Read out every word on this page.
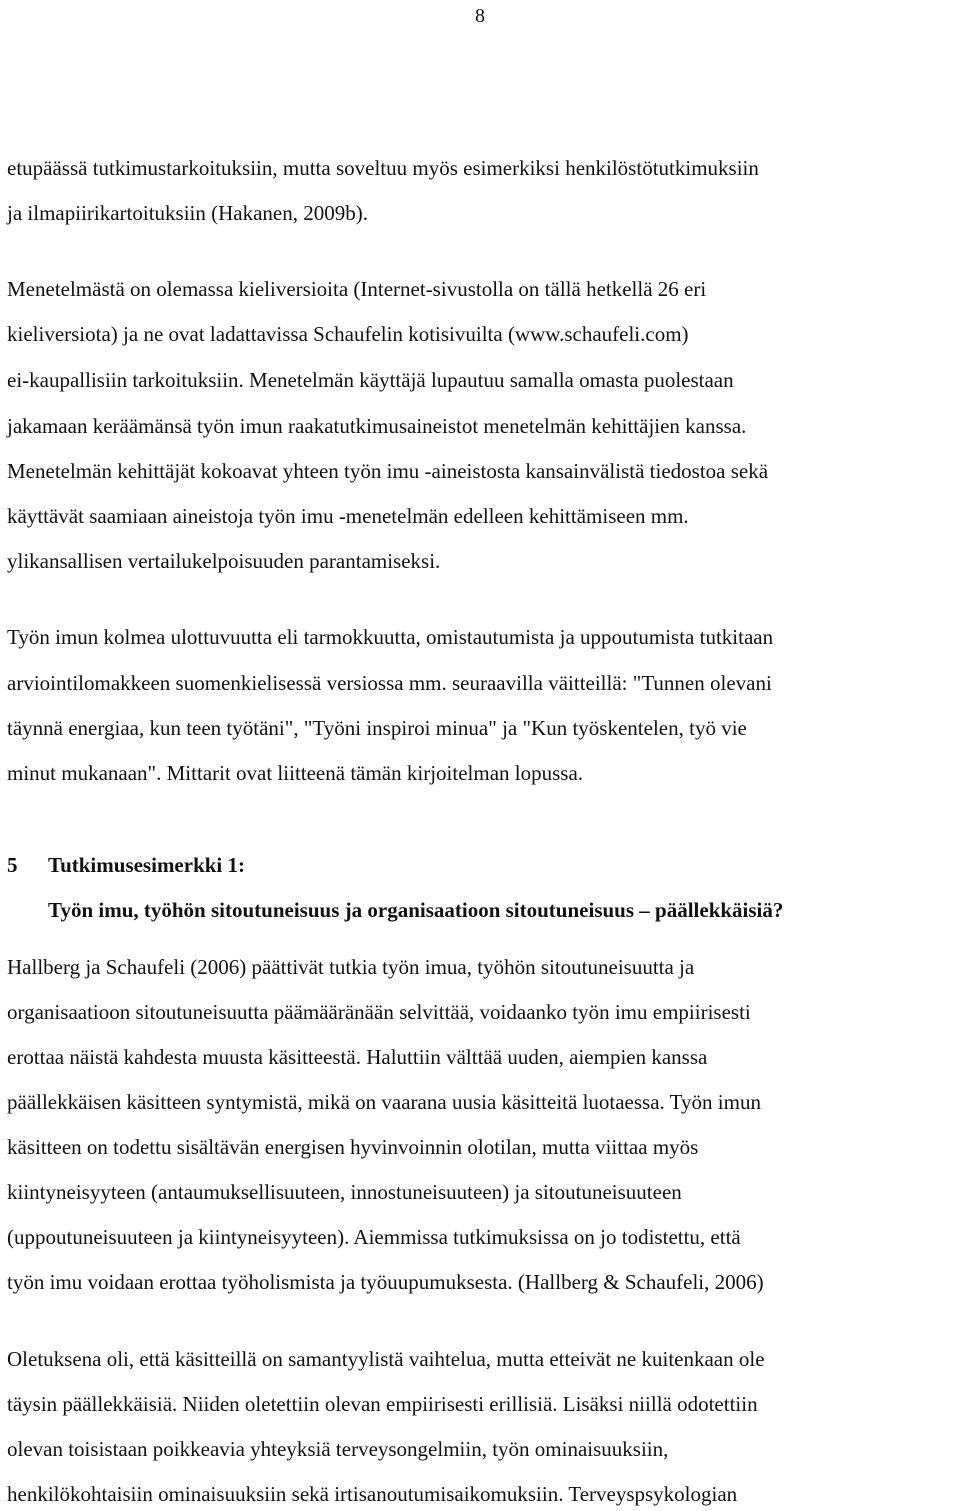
8
etupäässä tutkimustarkoituksiin, mutta soveltuu myös esimerkiksi henkilöstötutkimuksiin
ja ilmapiirikartoituksiin (Hakanen, 2009b).
Menetelmästä on olemassa kieliversioita (Internet-sivustolla on tällä hetkellä 26 eri
kieliversiota) ja ne ovat ladattavissa Schaufelin kotisivuilta (www.schaufeli.com)
ei-kaupallisiin tarkoituksiin. Menetelmän käyttäjä lupautuu samalla omasta puolestaan
jakamaan keräämänsä työn imun raakatutkimusaineistot menetelmän kehittäjien kanssa.
Menetelmän kehittäjät kokoavat yhteen työn imu -aineistosta kansainvälistä tiedostoa sekä
käyttävät saamiaan aineistoja työn imu -menetelmän edelleen kehittämiseen mm.
ylikansallisen vertailukelpoisuuden parantamiseksi.
Työn imun kolmea ulottuvuutta eli tarmokkuutta, omistautumista ja uppoutumista tutkitaan
arviointilomakkeen suomenkielisessä versiossa mm. seuraavilla väitteillä: "Tunnen olevani
täynnä energiaa, kun teen työtäni", "Työni inspiroi minua" ja "Kun työskentelen, työ vie
minut mukanaan". Mittarit ovat liitteenä tämän kirjoitelman lopussa.
5 Tutkimusesimerkki 1:
Työn imu, työhön sitoutuneisuus ja organisaatioon sitoutuneisuus – päällekkäisiä?
Hallberg ja Schaufeli (2006) päättivät tutkia työn imua, työhön sitoutuneisuutta ja
organisaatioon sitoutuneisuutta päämääränään selvittää, voidaanko työn imu empiirisesti
erottaa näistä kahdesta muusta käsitteestä. Haluttiin välttää uuden, aiempien kanssa
päällekkäisen käsitteen syntymistä, mikä on vaarana uusia käsitteitä luotaessa. Työn imun
käsitteen on todettu sisältävän energisen hyvinvoinnin olotilan, mutta viittaa myös
kiintyneisyyteen (antaumuksellisuuteen, innostuneisuuteen) ja sitoutuneisuuteen
(uppoutuneisuuteen ja kiintyneisyyteen). Aiemmissa tutkimuksissa on jo todistettu, että
työn imu voidaan erottaa työholismista ja työuupumuksesta. (Hallberg & Schaufeli, 2006)
Oletuksena oli, että käsitteillä on samantyylistä vaihtelua, mutta etteivät ne kuitenkaan ole
täysin päällekkäisiä. Niiden oletettiin olevan empiirisesti erillisiä. Lisäksi niillä odotettiin
olevan toisistaan poikkeavia yhteyksiä terveysongelmiin, työn ominaisuuksiin,
henkilökohtaisiin ominaisuuksiin sekä irtisanoutumisaikomuksiin. Terveyspsykologian
